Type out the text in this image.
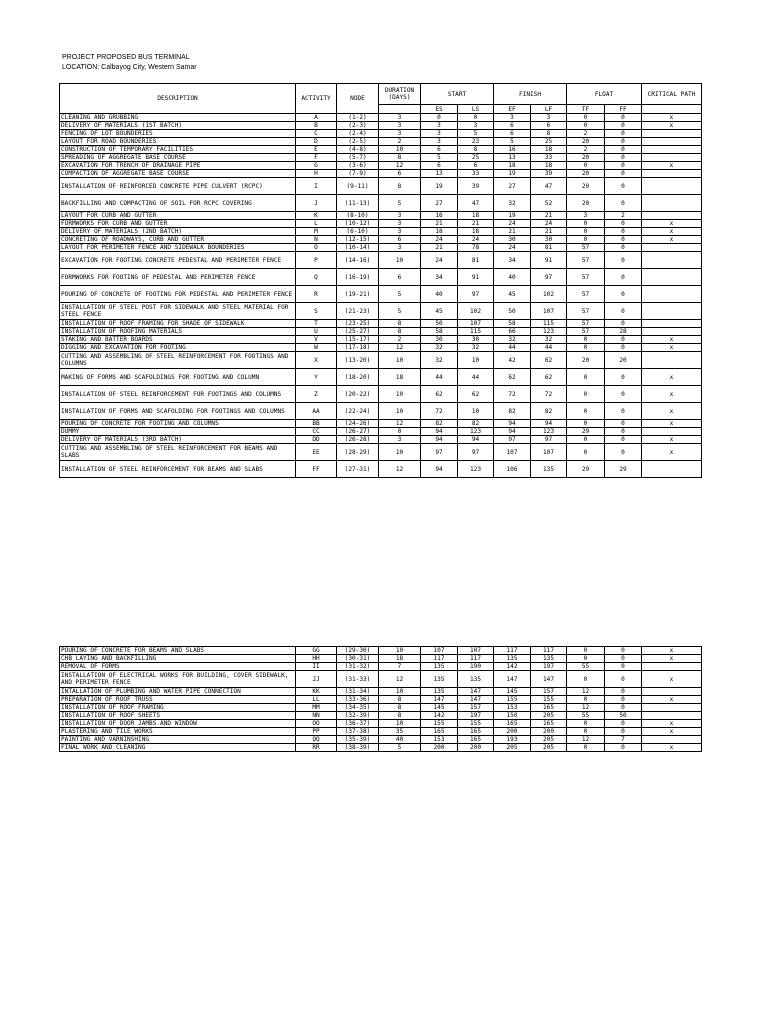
PROJECT PROPOSED BUS TERMINAL
LOCATION: Calbayog City, Western Samar
DESCRIPTION	ACTIVITY	NODE	DURATION (DAYS)	START		FINISH		FLOAT		CRITICAL PATH
				ES	LS	EF	LF	TF	FF	
CLEANING AND GRUBBING	A	(1-2)	3	0	0	3	3	0	0	x
DELIVERY OF MATERIALS (1ST BATCH)	B	(2-3)	3	3	3	6	6	0	0	x
FENCING OF LOT BOUNDERIES	C	(2-4)	3	3	5	6	8	2	0	
LAYOUT FOR ROAD BOUNDERIES	D	(2-5)	2	3	23	5	25	20	0	
CONSTRUCTION OF TEMPORARY FACILITIES	E	(4-8)	10	6	8	16	18	2	0	
SPREADING OF AGGREGATE BASE COURSE	F	(5-7)	8	5	25	13	33	20	0	
EXCAVATION FOR TRENCH OF DRAINAGE PIPE	G	(3-6)	12	6	6	18	18	0	0	x
COMPACTION OF AGGREGATE BASE COURSE	H	(7-9)	6	13	33	19	39	20	0	
INSTALLATION OF REINFORCED CONCRETE PIPE CULVERT (RCPC)	I	(9-11)	8	19	39	27	47	20	0	
BACKFILLING AND COMPACTING OF SOIL FOR RCPC COVERING	J	(11-13)	5	27	47	32	52	20	0	
LAYOUT FOR CURB AND GUTTER	K	(8-10)	3	16	18	19	21	3	2	
FORMWORKS FOR CURB AND GUTTER	L	(10-12)	3	21	21	24	24	0	0	x
DELIVERY OF MATERIALS (2ND BATCH)	M	(6-10)	3	18	18	21	21	0	0	x
CONCRETING OF ROADWAYS, CURB AND GUTTER	N	(12-15)	6	24	24	30	30	0	0	x
LAYOUT FOR PERIMETER FENCE AND SIDEWALK BOUNDERIES	O	(10-14)	3	21	78	24	81	57	0	
EXCAVATION FOR FOOTING CONCRETE PEDESTAL AND PERIMETER FENCE	P	(14-16)	10	24	81	34	91	57	0	
FORMWORKS FOR FOOTING OF PEDESTAL AND PERIMETER FENCE	Q	(16-19)	6	34	91	40	97	57	0	
POURING OF CONCRETE OF FOOTING FOR PEDESTAL AND PERIMETER FENCE	R	(19-21)	5	40	97	45	102	57	0	
INSTALLATION OF STEEL POST FOR SIDEWALK AND STEEL MATERIAL FOR STEEL FENCE	S	(21-23)	5	45	102	50	107	57	0	
INSTALLATION OF ROOF FRAMING FOR SHADE OF SIDEWALK	T	(23-25)	8	50	107	58	115	57	0	
INSTALLATION OF ROOFING MATERIALS	U	(25-27)	8	58	115	66	123	57	28	
STAKING AND BATTER BOARDS	V	(15-17)	2	30	30	32	32	0	0	x
DIGGING AND EXCAVATION FOR FOOTING	W	(17-18)	12	32	32	44	44	0	0	x
CUTTING AND ASSEMBLING OF STEEL REINFORCEMENT FOR FOOTINGS AND COLUMNS	X	(13-20)	10	32	10	42	62	20	20	
MAKING OF FORMS AND SCAFOLDINGS FOR FOOTING AND COLUMN	Y	(18-20)	18	44	44	62	62	0	0	x
INSTALLATION OF STEEL REINFORCEMENT FOR FOOTINGS AND COLUMNS	Z	(20-22)	10	62	62	72	72	0	0	x
INSTALLATION OF FORMS AND SCAFOLDING FOR FOOTINGS AND COLUMNS	AA	(22-24)	10	72	10	82	82	0	0	x
POURING OF CONCRETE FOR FOOTING AND COLUMNS	BB	(24-26)	12	82	82	94	94	0	0	x
DUMMY	CC	(26-27)	0	94	123	94	123	29	0	
DELIVERY OF MATERIALS (3RD BATCH)	DD	(26-28)	3	94	94	97	97	0	0	x
CUTTING AND ASSEMBLING OF STEEL REINFORCEMENT FOR BEAMS AND SLABS	EE	(28-29)	10	97	97	107	107	0	0	x
INSTALLATION OF STEEL REINFORCEMENT FOR BEAMS AND SLABS	FF	(27-31)	12	94	123	106	135	29	29	
POURING OF CONCRETE FOR BEAMS AND SLABS	GG	(29-30)	10	107	107	117	117	0	0	x
CHB LAYING AND BACKFILLING	HH	(30-31)	18	117	117	135	135	0	0	x
REMOVAL OF FORMS	II	(31-32)	7	135	190	142	197	55	0	
INSTALLATION OF ELECTRICAL WORKS FOR BUILDING, COVER SIDEWALK, AND PERIMETER FENCE	JJ	(31-33)	12	135	135	147	147	0	0	x
INTALLATION OF PLUMBING AND WATER PIPE CONNECTION	KK	(31-34)	10	135	147	145	157	12	0	
PREPARATION OF ROOF TRUSS	LL	(33-36)	8	147	147	155	155	0	0	x
INSTALLATION OF ROOF FRAMING	MM	(34-35)	8	145	157	153	165	12	0	
INSTALLATION OF ROOF SHEETS	NN	(32-39)	8	142	197	150	205	55	50	
INSTALLATION OF DOOR JAMBS AND WINDOW	OO	(36-37)	10	155	155	165	165	0	0	x
PLASTERING AND TILE WORKS	PP	(37-38)	35	165	165	200	200	0	0	x
PAINTING AND VARNINSHING	QQ	(35-39)	40	153	165	193	205	12	7	
FINAL WORK AND CLEANING	RR	(38-39)	5	200	200	205	205	0	0	x
